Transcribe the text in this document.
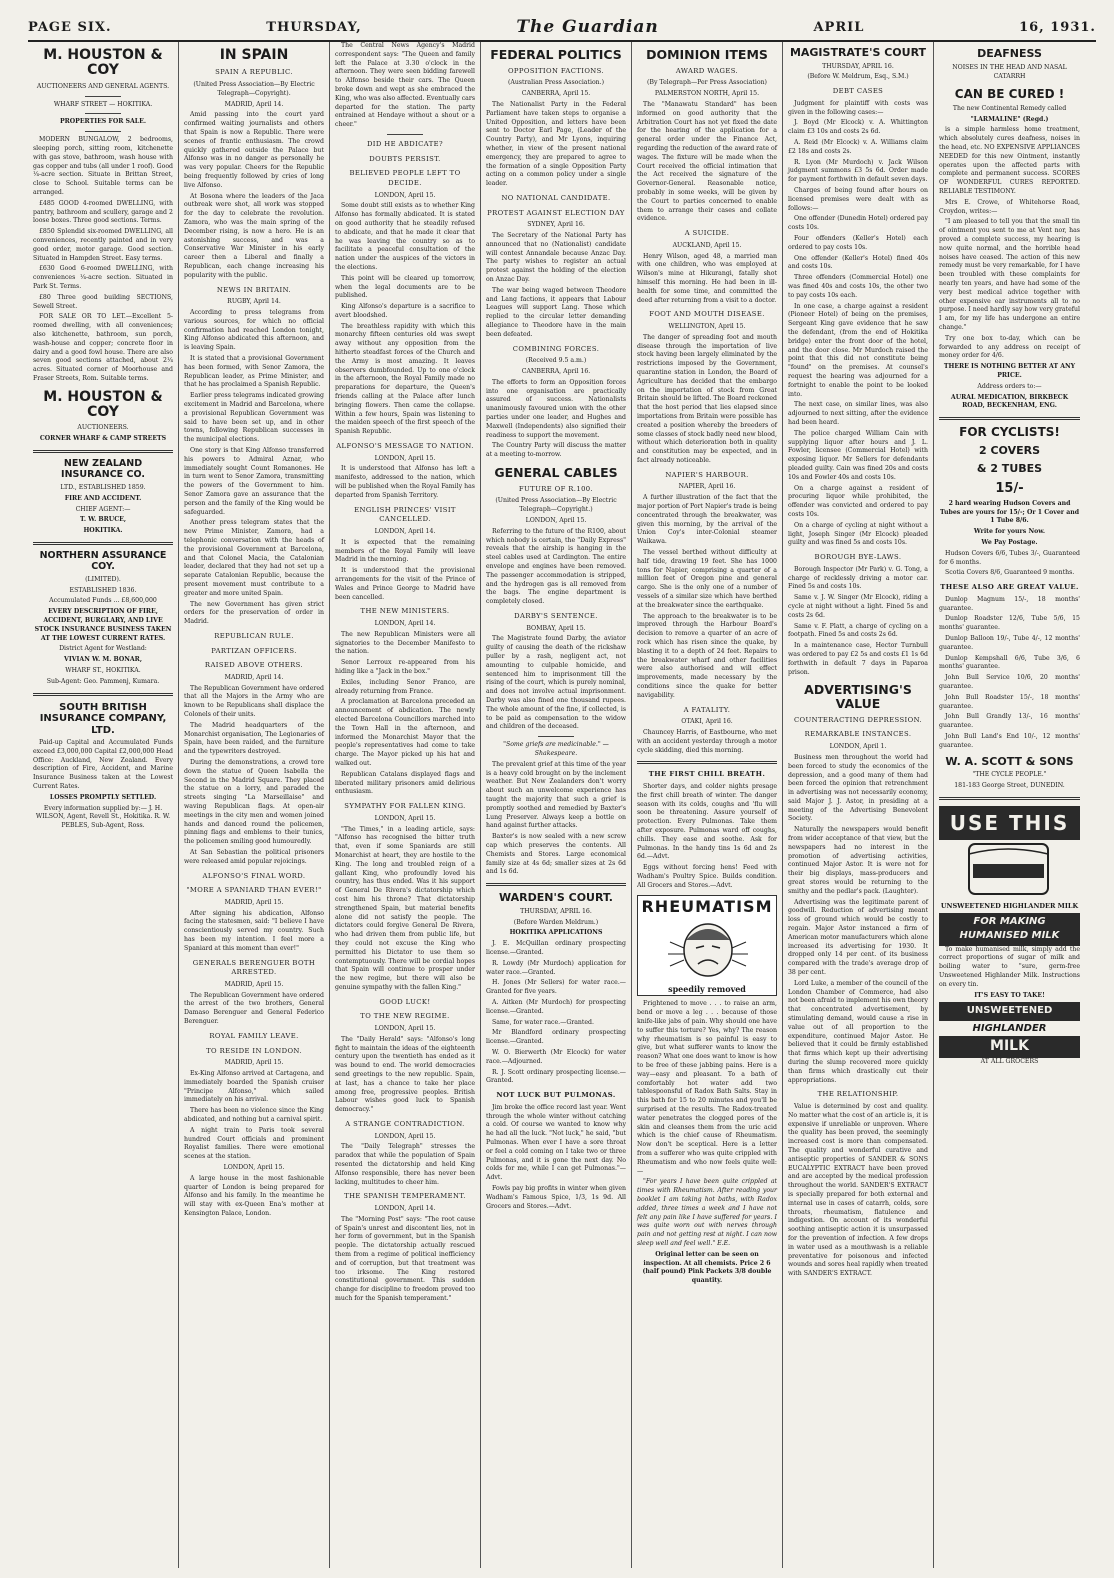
PAGE SIX.	THURSDAY,	The Guardian	APRIL	16, 1931.
M. HOUSTON & COY

AUCTIONEERS AND GENERAL AGENTS.

WHARF STREET — HOKITIKA.

PROPERTIES FOR SALE.

MODERN BUNGALOW, 2 bedrooms, sleeping porch, sitting room, kitchenette with gas stove, bathroom, wash house with gas copper and tubs (all under 1 roof). Good ¼-acre section. Situate in Brittan Street, close to School. Suitable terms can be arranged.

£485 GOOD 4-roomed DWELLING, with pantry, bathroom and scullery, garage and 2 loose boxes. Three good sections. Terms.

£850 Splendid six-roomed DWELLING, all conveniences, recently painted and in very good order, motor garage. Good section. Situated in Hampden Street. Easy terms.

£630 Good 6-roomed DWELLING, with conveniences ¼-acre section. Situated in Park St. Terms.

£80 Three good building SECTIONS, Sewell Street.

FOR SALE OR TO LET.—Excellent 5-roomed dwelling, with all conveniences; also kitchenette, bathroom, sun porch, wash-house and copper; concrete floor in dairy and a good fowl house. There are also seven good sections attached, about 2¼ acres. Situated corner of Moorhouse and Fraser Streets, Rom. Suitable terms.

M. HOUSTON & COY

AUCTIONEERS.

CORNER WHARF & CAMP STREETS

NEW ZEALAND INSURANCE CO.

LTD., ESTABLISHED 1859.

FIRE AND ACCIDENT.

CHIEF AGENT:—

T. W. BRUCE,

HOKITIKA.

NORTHERN ASSURANCE COY.

(LIMITED).

ESTABLISHED 1836.

Accumulated Funds ... £8,600,000

EVERY DESCRIPTION OF FIRE, ACCIDENT, BURGLARY, AND LIVE STOCK INSURANCE BUSINESS TAKEN AT THE LOWEST CURRENT RATES.

District Agent for Westland:

VIVIAN W. M. BONAR,

WHARF ST., HOKITIKA.

Sub-Agent: Geo. Pammenj, Kumara.

SOUTH BRITISH INSURANCE COMPANY, LTD.

Paid-up Capital and Accumulated Funds exceed £3,000,000 Capital £2,000,000 Head Office: Auckland, New Zealand. Every description of Fire, Accident, and Marine Insurance Business taken at the Lowest Current Rates.

LOSSES PROMPTLY SETTLED.

Every information supplied by:— J. H. WILSON, Agent, Revell St., Hokitika. R. W. PEBLES, Sub-Agent, Ross.

IN SPAIN
SPAIN A REPUBLIC.

(United Press Association—By Electric Telegraph—Copyright).

MADRID, April 14.

Amid passing into the court yard confirmed waiting journalists and others that Spain is now a Republic. There were scenes of frantic enthusiasm. The crowd quickly gathered outside the Palace but Alfonso was in no danger as personally he was very popular. Cheers for the Republic being frequently followed by cries of long live Alfonso.

At Bosona where the leaders of the Jaca outbreak were shot, all work was stopped for the day to celebrate the revolution. Zamora, who was the main spring of the December rising, is now a hero. He is an astonishing success, and was a Conservative War Minister in his early career then a Liberal and finally a Republican, each change increasing his popularity with the public.

NEWS IN BRITAIN.

RUGBY, April 14.

According to press telegrams from various sources, for which no official confirmation had reached London tonight, King Alfonso abdicated this afternoon, and is leaving Spain.

It is stated that a provisional Government has been formed, with Senor Zamora, the Republican leader, as Prime Minister, and that he has proclaimed a Spanish Republic.

Earlier press telegrams indicated growing excitement in Madrid and Barcelona, where a provisional Republican Government was said to have been set up, and in other towns, following Republican successes in the municipal elections.

One story is that King Alfonso transferred his powers to Admiral Aznar, who immediately sought Count Romanones. He in turn went to Senor Zamora, transmitting the powers of the Government to him. Senor Zamora gave an assurance that the person and the family of the King would be safeguarded.

Another press telegram states that the new Prime Minister, Zamora, had a telephonic conversation with the heads of the provisional Government at Barcelona, and that Colonel Macia, the Catalonian leader, declared that they had not set up a separate Catalonian Republic, because the present movement must contribute to a greater and more united Spain.

The new Government has given strict orders for the preservation of order in Madrid.

REPUBLICAN RULE.
PARTIZAN OFFICERS.
RAISED ABOVE OTHERS.

MADRID, April 14.

The Republican Government have ordered that all the Majors in the Army who are known to be Republicans shall displace the Colonels of their units.

The Madrid headquarters of the Monarchist organisation, The Legionaries of Spain, have been raided, and the furniture and the typewriters destroyed.

During the demonstrations, a crowd tore down the statue of Queen Isabella the Second in the Madrid Square. They placed the statue on a lorry, and paraded the streets singing "La Marseillaise" and waving Republican flags. At open-air meetings in the city men and women joined hands and danced round the policemen, pinning flags and emblems to their tunics, the policemen smiling good humouredly.

At San Sebastian the political prisoners were released amid popular rejoicings.

ALFONSO'S FINAL WORD.
"MORE A SPANIARD THAN EVER!"

MADRID, April 15.

After signing his abdication, Alfonso facing the statesmen, said: "I believe I have conscientiously served my country. Such has been my intention. I feel more a Spaniard at this moment than ever!"

GENERALS BERENGUER BOTH ARRESTED.

MADRID, April 15.

The Republican Government have ordered the arrest of the two brothers, General Damaso Berenguer and General Federico Berenguer.

ROYAL FAMILY LEAVE.
TO RESIDE IN LONDON.

MADRID, April 15.

Ex-King Alfonso arrived at Cartagena, and immediately boarded the Spanish cruiser "Principe Alfonso," which sailed immediately on his arrival.

There has been no violence since the King abdicated, and nothing but a carnival spirit.

A night train to Paris took several hundred Court officials and prominent Royalist families. There were emotional scenes at the station.

LONDON, April 15.

A large house in the most fashionable quarter of London is being prepared for Alfonso and his family. In the meantime he will stay with ex-Queen Ena's mother at Kensington Palace, London.

The Central News Agency's Madrid correspondent says: "The Queen and family left the Palace at 3.30 o'clock in the afternoon. They were seen bidding farewell to Alfonso beside their cars. The Queen broke down and wept as she embraced the King, who was also affected. Eventually cars departed for the station. The party entrained at Hendaye without a shout or a cheer."

DID HE ABDICATE?
DOUBTS PERSIST.
BELIEVED PEOPLE LEFT TO DECIDE.

LONDON, April 15.

Some doubt still exists as to whether King Alfonso has formally abdicated. It is stated on good authority that he steadily refused to abdicate, and that he made it clear that he was leaving the country so as to facilitate a peaceful consultation of the nation under the auspices of the victors in the elections.

This point will be cleared up tomorrow, when the legal documents are to be published.

King Alfonso's departure is a sacrifice to avert bloodshed.

The breathless rapidity with which this monarchy fifteen centuries old was swept away without any opposition from the hitherto steadfast forces of the Church and the Army is most amazing. It leaves observers dumbfounded. Up to one o'clock in the afternoon, the Royal Family made no preparations for departure, the Queen's friends calling at the Palace after lunch bringing flowers. Then came the collapse. Within a few hours, Spain was listening to the maiden speech of the first speech of the Spanish Republic.

ALFONSO'S MESSAGE TO NATION.

LONDON, April 15.

It is understood that Alfonso has left a manifesto, addressed to the nation, which will be published when the Royal Family has departed from Spanish Territory.

ENGLISH PRINCES' VISIT CANCELLED.

LONDON, April 14.

It is expected that the remaining members of the Royal Family will leave Madrid in the morning.

It is understood that the provisional arrangements for the visit of the Prince of Wales and Prince George to Madrid have been cancelled.

THE NEW MINISTERS.

LONDON, April 14.

The new Republican Ministers were all signatories to the December Manifesto to the nation.

Senor Lerroux re-appeared from his hiding like a "Jack in the box."

Exiles, including Senor Franco, are already returning from France.

A proclamation at Barcelona preceded an announcement of abdication. The newly elected Barcelona Councillors marched into the Town Hall in the afternoon, and informed the Monarchist Mayor that the people's representatives had come to take charge. The Mayor picked up his hat and walked out.

Republican Catalans displayed flags and liberated military prisoners amid delirious enthusiasm.

SYMPATHY FOR FALLEN KING.

LONDON, April 15.

"The Times," in a leading article, says: "Alfonso has recognised the bitter truth that, even if some Spaniards are still Monarchist at heart, they are hostile to the King. The long and troubled reign of a gallant King, who profoundly loved his country, has thus ended. Was it his support of General De Rivera's dictatorship which cost him his throne? That dictatorship strengthened Spain, but material benefits alone did not satisfy the people. The dictators could forgive General De Rivera, who had driven them from public life, but they could not excuse the King who permitted his Dictator to use them so contemptuously. There will be cordial hopes that Spain will continue to prosper under the new regime, but there will also be genuine sympathy with the fallen King."

GOOD LUCK!
TO THE NEW REGIME.

LONDON, April 15.

The "Daily Herald" says: "Alfonso's long fight to maintain the ideas of the eighteenth century upon the twentieth has ended as it was bound to end. The world democracies send greetings to the new republic. Spain, at last, has a chance to take her place among free, progressive peoples. British Labour wishes good luck to Spanish democracy."

A STRANGE CONTRADICTION.

LONDON, April 15.

The "Daily Telegraph" stresses the paradox that while the population of Spain resented the dictatorship and held King Alfonso responsible, there has never been lacking, multitudes to cheer him.

THE SPANISH TEMPERAMENT.

LONDON, April 14.

The "Morning Post" says: "The root cause of Spain's unrest and discontent lies, not in her form of government, but in the Spanish people. The dictatorship actually rescued them from a regime of political inefficiency and of corruption, but that treatment was too irksome. The King restored constitutional government. This sudden change for discipline to freedom proved too much for the Spanish temperament."

FEDERAL POLITICS
OPPOSITION FACTIONS.

(Australian Press Association.)

CANBERRA, April 15.

The Nationalist Party in the Federal Parliament have taken steps to organise a United Opposition, and letters have been sent to Doctor Earl Page, (Leader of the Country Party), and Mr Lyons, inquiring whether, in view of the present national emergency, they are prepared to agree to the formation of a single Opposition Party acting on a common policy under a single leader.

NO NATIONAL CANDIDATE.
PROTEST AGAINST ELECTION DAY

SYDNEY, April 16.

The Secretary of the National Party has announced that no (Nationalist) candidate will contest Annandale because Anzac Day. The party wishes to register an actual protest against the holding of the election on Anzac Day.

The war being waged between Theodore and Lang factions, it appears that Labour Leagues will support Lang. Those which replied to the circular letter demanding allegiance to Theodore have in the main been defeated.

COMBINING FORCES.

(Received 9.5 a.m.)

CANBERRA, April 16.

The efforts to form an Opposition forces into one organisation are practically assured of success. Nationalists unanimously favoured union with the other parties under one leader, and Hughes and Maxwell (Independents) also signified their readiness to support the movement.

The Country Party will discuss the matter at a meeting to-morrow.

GENERAL CABLES
FUTURE OF R.100.

(United Press Association—By Electric Telegraph—Copyright.)

LONDON, April 15.

Referring to the future of the R100, about which nobody is certain, the "Daily Express" reveals that the airship is hanging in the steel cables used at Cardington. The entire envelope and engines have been removed. The passenger accommodation is stripped, and the hydrogen gas is all removed from the bags. The engine department is completely closed.

DARBY'S SENTENCE.

BOMBAY, April 15.

The Magistrate found Darby, the aviator guilty of causing the death of the rickshaw puller by a rash, negligent act, not amounting to culpable homicide, and sentenced him to imprisonment till the rising of the court, which is purely nominal, and does not involve actual imprisonment. Darby was also fined one thousand rupees. The whole amount of the fine, if collected, is to be paid as compensation to the widow and children of the deceased.

"Some griefs are medicinable." —Shakespeare.

The prevalent grief at this time of the year is a heavy cold brought on by the inclement weather. But New Zealanders don't worry about such an unwelcome experience has taught the majority that such a grief is promptly soothed and remedied by Baxter's Lung Preserver. Always keep a bottle on hand against further attacks.

Baxter's is now sealed with a new screw cap which preserves the contents. All Chemists and Stores. Large economical family size at 4s 6d; smaller sizes at 2s 6d and 1s 6d.

WARDEN'S COURT.

THURSDAY, APRIL 16.

(Before Warden Meldrum.)

HOKITIKA APPLICATIONS

J. E. McQuillan ordinary prospecting license.—Granted.

R. Lowdy (Mr Murdoch) application for water race.—Granted.

H. Jones (Mr Sellers) for water race.—Granted for five years.

A. Aitken (Mr Murdoch) for prospecting license.—Granted.

Same, for water race.—Granted.

Mr Blandford ordinary prospecting license.—Granted.

W. O. Bierwerth (Mr Elcock) for water race.—Adjourned.

R. J. Scott ordinary prospecting license.—Granted.

NOT LUCK BUT PULMONAS.

Jim broke the office record last year. Went through the whole winter without catching a cold. Of course we wanted to know why he had all the luck. "Not luck," he said, "but Pulmonas. When ever I have a sore throat or feel a cold coming on I take two or three Pulmonas, and it is gone the next day. No colds for me, while I can get Pulmonas."—Advt.

Fowls pay big profits in winter when given Wadham's Famous Spice, 1/3, 1s 9d. All Grocers and Stores.—Advt.

DOMINION ITEMS
AWARD WAGES.

(By Telegraph—Per Press Association)

PALMERSTON NORTH, April 15.

The "Manawatu Standard" has been informed on good authority that the Arbitration Court has not yet fixed the date for the hearing of the application for a general order under the Finance Act, regarding the reduction of the award rate of wages. The fixture will be made when the Court received the official intimation that the Act received the signature of the Governor-General. Reasonable notice, probably in some weeks, will be given by the Court to parties concerned to enable them to arrange their cases and collate evidence.

A SUICIDE.

AUCKLAND, April 15.

Henry Wilson, aged 48, a married man with one children, who was employed at Wilson's mine at Hikurangi, fatally shot himself this morning. He had been in ill-health for some time, and committed the deed after returning from a visit to a doctor.

FOOT AND MOUTH DISEASE.

WELLINGTON, April 15.

The danger of spreading foot and mouth disease through the importation of live stock having been largely eliminated by the restrictions imposed by the Government, quarantine station in London, the Board of Agriculture has decided that the embargo on the importation of stock from Great Britain should be lifted. The Board reckoned that the host period that lies elapsed since importations from Britain were possible has created a position whereby the breeders of some classes of stock badly need new blood, without which deterioration both in quality and constitution may be expected, and in fact already noticeable.

NAPIER'S HARBOUR.

NAPIER, April 16.

A further illustration of the fact that the major portion of Port Napier's trade is being concentrated through the breakwater, was given this morning, by the arrival of the Union Coy's inter-Colonial steamer Waikawa.

The vessel berthed without difficulty at half tide, drawing 19 feet. She has 1000 tons for Napier, comprising a quarter of a million feet of Oregon pine and general cargo. She is the only one of a number of vessels of a similar size which have berthed at the breakwater since the earthquake.

The approach to the breakwater is to be improved through the Harbour Board's decision to remove a quarter of an acre of rock which has risen since the quake, by blasting it to a depth of 24 feet. Repairs to the breakwater wharf and other facilities were also authorised and will effect improvements, made necessary by the conditions since the quake for better navigability.

A FATALITY.

OTAKI, April 16.

Chauncey Harris, of Eastbourne, who met with an accident yesterday through a motor cycle skidding, died this morning.

THE FIRST CHILL BREATH.

Shorter days, and colder nights presage the first chill breath of winter. The danger season with its colds, coughs and 'flu will soon be threatening. Assure yourself of protection. Every Pulmonas. Take them after exposure. Pulmonas ward off coughs, chills. They ease and soothe. Ask for Pulmonas. In the handy tins 1s 6d and 2s 6d.—Advt.

Eggs without forcing hens! Feed with Wadham's Poultry Spice. Builds condition. All Grocers and Stores.—Advt.

RHEUMATISM
speedily removed

Frightened to move . . . to raise an arm, bend or move a leg . . . because of those knife-like jabs of pain. Why should one have to suffer this torture? Yes, why? The reason why rheumatism is so painful is easy to give, but what sufferer wants to know the reason? What one does want to know is how to be free of these jabbing pains. Here is a way—easy and pleasant. To a bath of comfortably hot water add two tablespoonsful of Radox Bath Salts. Stay in this bath for 15 to 20 minutes and you'll be surprised at the results. The Radox-treated water penetrates the clogged pores of the skin and cleanses them from the uric acid which is the chief cause of Rheumatism. Now don't be sceptical. Here is a letter from a sufferer who was quite crippled with Rheumatism and who now feels quite well:—

"For years I have been quite crippled at times with Rheumatism. After reading your booklet I am taking hot baths, with Radox added, three times a week and I have not felt any pain like I have suffered for years. I was quite worn out with nerves through pain and not getting rest at night. I can now sleep well and feel well." E.E.

Original letter can be seen on inspection. At all chemists. Price 2 6 (half pound) Pink Packets 3/8 double quantity.

MAGISTRATE'S COURT

THURSDAY, APRIL 16.

(Before W. Meldrum, Esq., S.M.)

DEBT CASES

Judgment for plaintiff with costs was given in the following cases:—

J. Boyd (Mr Elcock) v. A. Whittington claim £3 10s and costs 2s 6d.

A. Reid (Mr Elcock) v. A. Williams claim £2 18s and costs 2s.

R. Lyon (Mr Murdoch) v. Jack Wilson judgment summons £3 5s 6d. Order made for payment forthwith in default seven days.

Charges of being found after hours on licensed premises were dealt with as follows:—

One offender (Dunedin Hotel) ordered pay costs 10s.

Four offenders (Keller's Hotel) each ordered to pay costs 10s.

One offender (Keller's Hotel) fined 40s and costs 10s.

Three offenders (Commercial Hotel) one was fined 40s and costs 10s, the other two to pay costs 10s each.

In one case, a charge against a resident (Pioneer Hotel) of being on the premises, Sergeant King gave evidence that he saw the defendant, (from the end of Hokitika bridge) enter the front door of the hotel, and the door close. Mr Murdoch raised the point that this did not constitute being "found" on the premises. At counsel's request the hearing was adjourned for a fortnight to enable the point to be looked into.

The next case, on similar lines, was also adjourned to next sitting, after the evidence had been heard.

The police charged William Cain with supplying liquor after hours and J. L. Fowler, licensee (Commercial Hotel) with exposing liquor. Mr Sellers for defendants pleaded guilty. Cain was fined 20s and costs 10s and Fowler 40s and costs 10s.

On a charge against a resident of procuring liquor while prohibited, the offender was convicted and ordered to pay costs 10s.

On a charge of cycling at night without a light, Joseph Singer (Mr Elcock) pleaded guilty and was fined 5s and costs 10s.

BOROUGH BYE-LAWS.

Borough Inspector (Mr Park) v. G. Tong, a charge of recklessly driving a motor car. Fined 5s and costs 10s.

Same v. J. W. Singer (Mr Elcock), riding a cycle at night without a light. Fined 5s and costs 2s 6d.

Same v. F. Platt, a charge of cycling on a footpath. Fined 5s and costs 2s 6d.

In a maintenance case, Hector Turnbull was ordered to pay £2 5s and costs £1 1s 6d forthwith in default 7 days in Paparoa prison.

ADVERTISING'S VALUE
COUNTERACTING DEPRESSION.
REMARKABLE INSTANCES.

LONDON, April 1.

Business men throughout the world had been forced to study the economics of the depression, and a good many of them had been forced the opinion that retrenchment in advertising was not necessarily economy, said Major J. J. Astor, in presiding at a meeting of the Advertising Benevolent Society.

Naturally the newspapers would benefit from wider acceptance of that view, but the newspapers had no interest in the promotion of advertising activities, continued Major Astor. It is were not for their big displays, mass-producers and great stores would be returning to the smithy and the pedlar's pack. (Laughter).

Advertising was the legitimate parent of goodwill. Reduction of advertising meant loss of ground which would be costly to regain. Major Astor instanced a firm of American motor manufacturers which alone increased its advertising for 1930. It dropped only 14 per cent. of its business compared with the trade's average drop of 38 per cent.

Lord Luke, a member of the council of the London Chamber of Commerce, had also not been afraid to implement his own theory that concentrated advertisement, by stimulating demand, would cause a rise in value out of all proportion to the expenditure, continued Major Astor. He believed that it could be firmly established that firms which kept up their advertising during the slump recovered more quickly than firms which drastically cut their appropriations.

THE RELATIONSHIP.

Value is determined by cost and quality. No matter what the cost of an article is, it is expensive if unreliable or unproven. Where the quality has been proved, the seemingly increased cost is more than compensated. The quality and wonderful curative and antiseptic properties of SANDER & SONS EUCALYPTIC EXTRACT have been proved and are accepted by the medical profession throughout the world. SANDER'S EXTRACT is specially prepared for both external and internal use in cases of catarrh, colds, sore throats, rheumatism, flatulence and indigestion. On account of its wonderful soothing antiseptic action it is unsurpassed for the prevention of infection. A few drops in water used as a mouthwash is a reliable preventative for poisonous and infected wounds and sores heal rapidly when treated with SANDER'S EXTRACT.

DEAFNESS

NOISES IN THE HEAD AND NASAL CATARRH

CAN BE CURED !

The new Continental Remedy called

"LARMALINE" (Regd.)

is a simple harmless home treatment, which absolutely cures deafness, noises in the head, etc. NO EXPENSIVE APPLIANCES NEEDED for this new Ointment, instantly operates upon the affected parts with complete and permanent success. SCORES OF WONDERFUL CURES REPORTED. RELIABLE TESTIMONY.

Mrs E. Crowe, of Whitehorse Road, Croydon, writes:—

"I am pleased to tell you that the small tin of ointment you sent to me at Vent nor, has proved a complete success, my hearing is now quite normal, and the horrible head noises have ceased. The action of this new remedy must be very remarkable, for I have been troubled with these complaints for nearly ten years, and have had some of the very best medical advice together with other expensive ear instruments all to no purpose. I need hardly say how very grateful I am, for my life has undergone an entire change."

Try one box to-day, which can be forwarded to any address on receipt of money order for 4/6.

THERE IS NOTHING BETTER AT ANY PRICE.

Address orders to:—

AURAL MEDICATION, BIRKBECK ROAD, BECKENHAM, ENG.

FOR CYCLISTS!
2 COVERS
& 2 TUBES
15/-

2 hard wearing Hudson Covers and Tubes are yours for 15/-; Or 1 Cover and 1 Tube 8/6.

Write for yours Now.

We Pay Postage.

Hudson Covers 6/6, Tubes 3/-, Guaranteed for 6 months.

Scotia Covers 8/6, Guaranteed 9 months.

THESE ALSO ARE GREAT VALUE.

Dunlop Magnum 15/-, 18 months' guarantee.

Dunlop Roadster 12/6, Tube 5/6, 15 months' guarantee.

Dunlop Balloon 19/-, Tube 4/-, 12 months' guarantee.

Dunlop Kempshall 6/6, Tube 3/6, 6 months' guarantee.

John Bull Service 10/6, 20 months' guarantee.

John Bull Roadster 15/-, 18 months' guarantee.

John Bull Grandly 13/-, 16 months' guarantee.

John Bull Land's End 10/-, 12 months' guarantee.

W. A. SCOTT & SONS

"THE CYCLE PEOPLE."

181-183 George Street, DUNEDIN.

USE THIS

UNSWEETENED HIGHLANDER MILK

FOR MAKING HUMANISED MILK

To make humanised milk, simply add the correct proportions of sugar of milk and boiling water to "sure, germ-free Unsweetened Highlander Milk. Instructions on every tin.

IT'S EASY TO TAKE!

UNSWEETENED
HIGHLANDER
MILK

AT ALL GROCERS
